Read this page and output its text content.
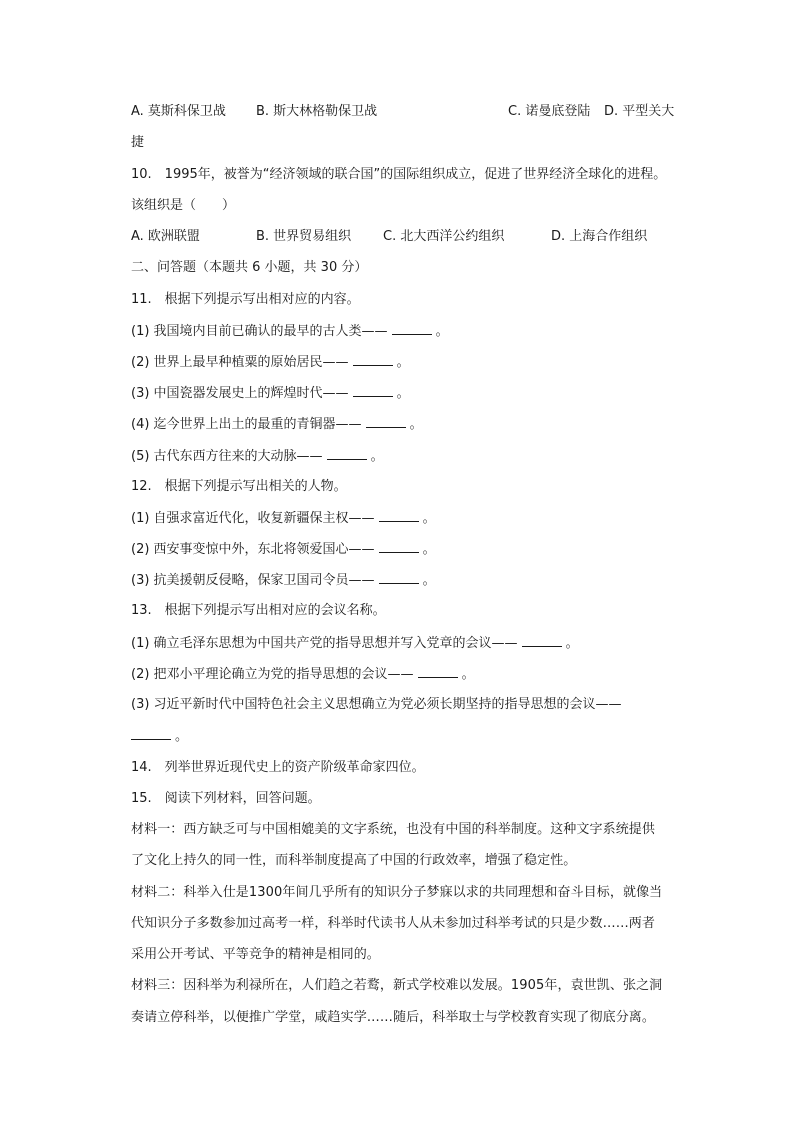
A. 莫斯科保卫战 B. 斯大林格勒保卫战	C. 诺曼底登陆 D. 平型关大
捷
10.　1995年，被誉为“经济领域的联合国”的国际组织成立，促进了世界经济全球化的进程。
该组织是（　　）
A. 欧洲联盟	B. 世界贸易组织 C. 北大西洋公约组织	D. 上海合作组织
二、问答题（本题共 6 小题，共 30 分）
11.　根据下列提示写出相对应的内容。
(1) 我国境内目前已确认的最早的古人类——	。
(2) 世界上最早种植粟的原始居民——	。
(3) 中国瓷器发展史上的辉煌时代——	。
(4) 迄今世界上出土的最重的青铜器——	。
(5) 古代东西方往来的大动脉——	。
12.　根据下列提示写出相关的人物。
(1) 自强求富近代化，收复新疆保主权——	。
(2) 西安事变惊中外，东北将领爱国心——	。
(3) 抗美援朝反侵略，保家卫国司令员——	。
13.　根据下列提示写出相对应的会议名称。
(1) 确立毛泽东思想为中国共产党的指导思想并写入党章的会议——	。
(2) 把邓小平理论确立为党的指导思想的会议——	。
(3) 习近平新时代中国特色社会主义思想确立为党必须长期坚持的指导思想的会议——
。
14.　列举世界近现代史上的资产阶级革命家四位。
15.　阅读下列材料，回答问题。
材料一：西方缺乏可与中国相媲美的文字系统，也没有中国的科举制度。这种文字系统提供
了文化上持久的同一性，而科举制度提高了中国的行政效率，增强了稳定性。
材料二：科举入仕是1300年间几乎所有的知识分子梦寐以求的共同理想和奋斗目标，就像当
代知识分子多数参加过高考一样，科举时代读书人从未参加过科举考试的只是少数……两者
采用公开考试、平等竞争的精神是相同的。
材料三：因科举为利禄所在，人们趋之若鹜，新式学校难以发展。1905年，袁世凯、张之洞
奏请立停科举，以便推广学堂，咸趋实学……随后，科举取士与学校教育实现了彻底分离。
